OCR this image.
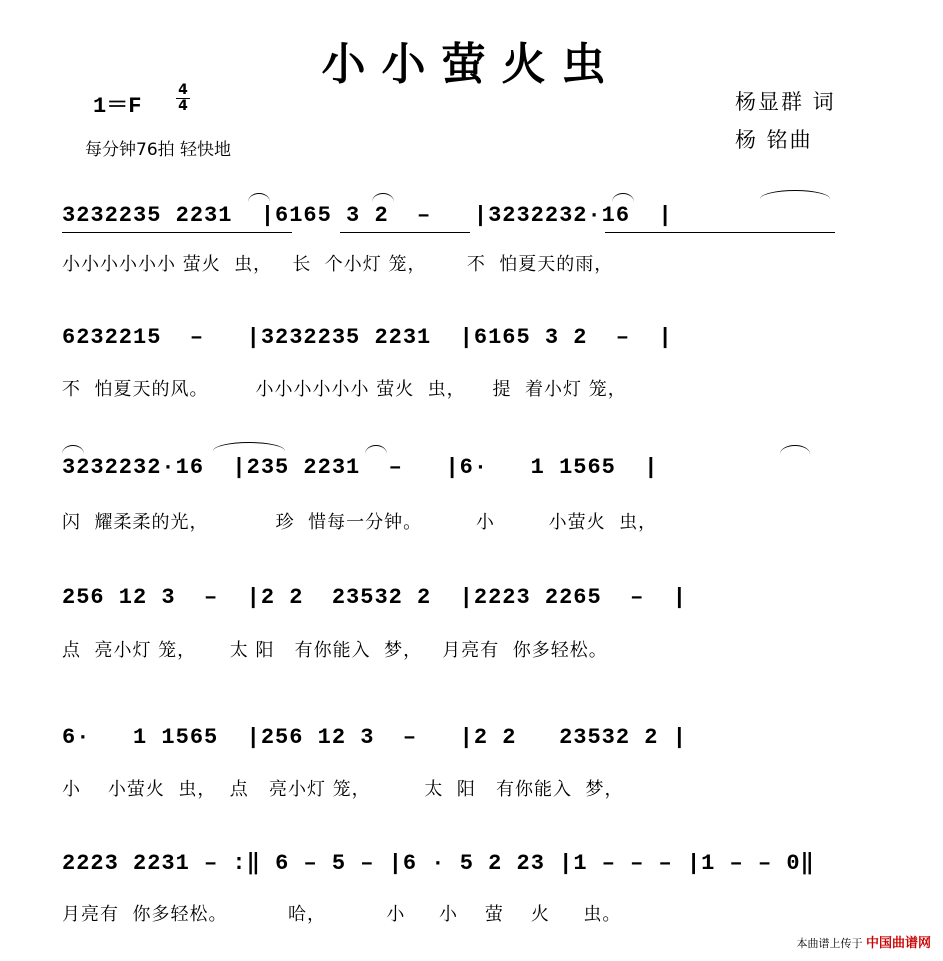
小小萤火虫
1＝F
4
4
每分钟76拍 轻快地
杨显群 词
杨 铭曲
3232235 2231  |6165 3 2  –   |3232232·16  |
小小小小小小 萤火  虫，   长  个小灯 笼，      不  怕夏天的雨，
6232215  –   |3232235 2231  |6165 3 2  –  |
不  怕夏天的风。       小小小小小小 萤火  虫，    提  着小灯 笼，
3232232·16  |235 2231  –   |6·   1 1565  |
闪  耀柔柔的光，          珍  惜每一分钟。        小        小萤火  虫，
256 12 3  –  |2 2  23532 2  |2223 2265  –  |
点  亮小灯 笼，     太 阳   有你能入  梦，   月亮有  你多轻松。
6·   1 1565  |256 12 3  –   |2 2   23532 2 |
小    小萤火  虫，  点   亮小灯 笼，        太  阳   有你能入  梦，
2223 2231 – :‖ 6 – 5 – |6 · 5 2 23 |1 – – – |1 – – 0‖
月亮有  你多轻松。         哈，         小     小    萤    火     虫。
本曲谱上传于 中国曲谱网
